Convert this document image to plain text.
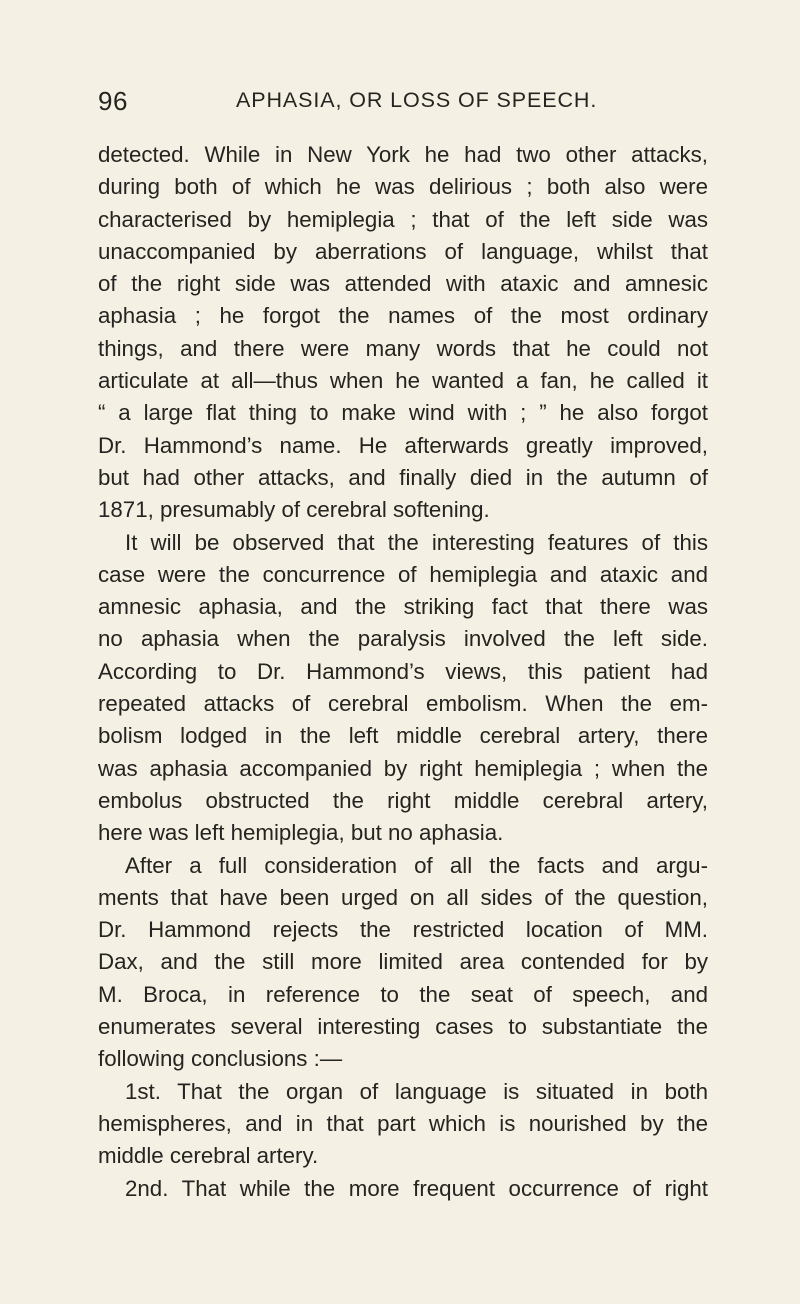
96	APHASIA, OR LOSS OF SPEECH.
detected. While in New York he had two other attacks,
during both of which he was delirious ; both also were
characterised by hemiplegia ; that of the left side was
unaccompanied by aberrations of language, whilst that
of the right side was attended with ataxic and amnesic
aphasia ; he forgot the names of the most ordinary
things, and there were many words that he could not
articulate at all—thus when he wanted a fan, he called it
“ a large flat thing to make wind with ; ” he also forgot
Dr. Hammond’s name. He afterwards greatly improved,
but had other attacks, and finally died in the autumn of
1871, presumably of cerebral softening.
It will be observed that the interesting features of this
case were the concurrence of hemiplegia and ataxic and
amnesic aphasia, and the striking fact that there was
no aphasia when the paralysis involved the left side.
According to Dr. Hammond’s views, this patient had
repeated attacks of cerebral embolism. When the em-
bolism lodged in the left middle cerebral artery, there
was aphasia accompanied by right hemiplegia ; when the
embolus obstructed the right middle cerebral artery,
here was left hemiplegia, but no aphasia.
After a full consideration of all the facts and argu-
ments that have been urged on all sides of the question,
Dr. Hammond rejects the restricted location of MM.
Dax, and the still more limited area contended for by
M. Broca, in reference to the seat of speech, and
enumerates several interesting cases to substantiate the
following conclusions :—
1st. That the organ of language is situated in both
hemispheres, and in that part which is nourished by the
middle cerebral artery.
2nd. That while the more frequent occurrence of right
